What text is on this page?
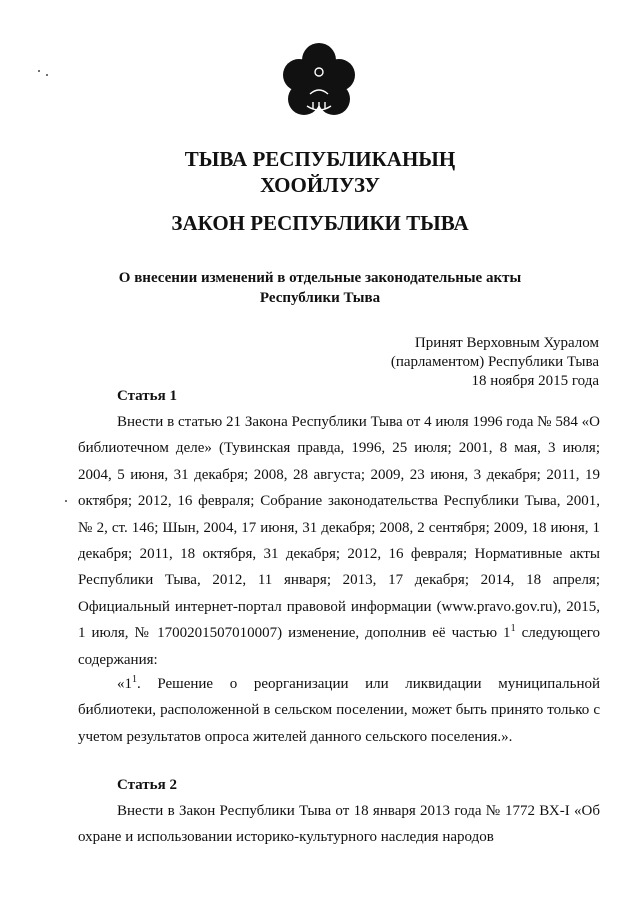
ТЫВА РЕСПУБЛИКАНЫҢ
ХООЙЛУЗУ
ЗАКОН РЕСПУБЛИКИ ТЫВА
О внесении изменений в отдельные законодательные акты
Республики Тыва
Принят Верховным Хуралом
(парламентом) Республики Тыва
18 ноября 2015 года
Статья 1
Внести в статью 21 Закона Республики Тыва от 4 июля 1996 года № 584 «О библиотечном деле» (Тувинская правда, 1996, 25 июля; 2001, 8 мая, 3 июля; 2004, 5 июня, 31 декабря; 2008, 28 августа; 2009, 23 июня, 3 декабря; 2011, 19 октября; 2012, 16 февраля; Собрание законодательства Республики Тыва, 2001, № 2, ст. 146; Шын, 2004, 17 июня, 31 декабря; 2008, 2 сентября; 2009, 18 июня, 1 декабря; 2011, 18 октября, 31 декабря; 2012, 16 февраля; Нормативные акты Республики Тыва, 2012, 11 января; 2013, 17 декабря; 2014, 18 апреля; Официальный интернет-портал правовой информации (www.pravo.gov.ru), 2015, 1 июля, № 1700201507010007) изменение, дополнив её частью $1^1$ следующего содержания:
«$1^1$. Решение о реорганизации или ликвидации муниципальной библиотеки, расположенной в сельском поселении, может быть принято только с учетом результатов опроса жителей данного сельского поселения.».
Статья 2
Внести в Закон Республики Тыва от 18 января 2013 года № 1772 ВХ-I «Об охране и использовании историко-культурного наследия народов
